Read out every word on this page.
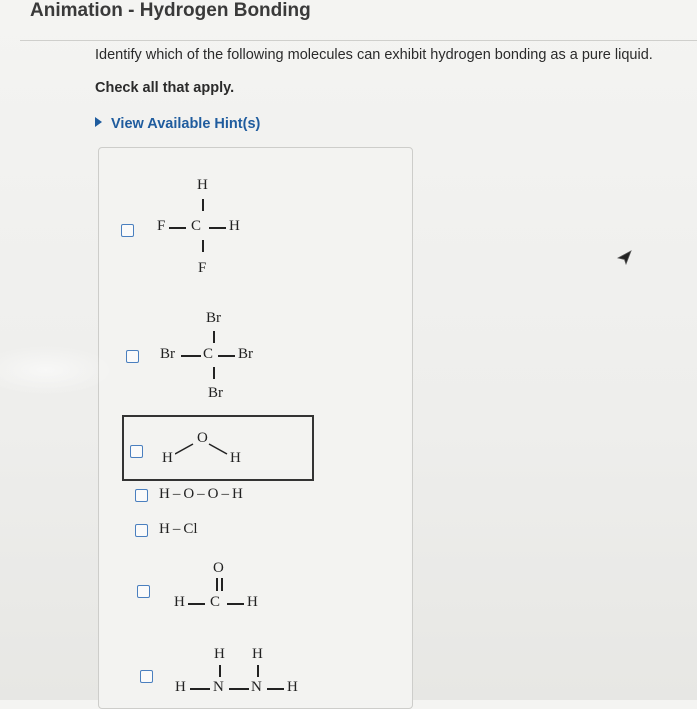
Animation - Hydrogen Bonding
Identify which of the following molecules can exhibit hydrogen bonding as a pure liquid.
Check all that apply.
View Available Hint(s)
H
F C H
F
Br
Br C Br
Br
H
O
H
H – O – O – H
H – Cl
O
H C H
H H
H N N H
